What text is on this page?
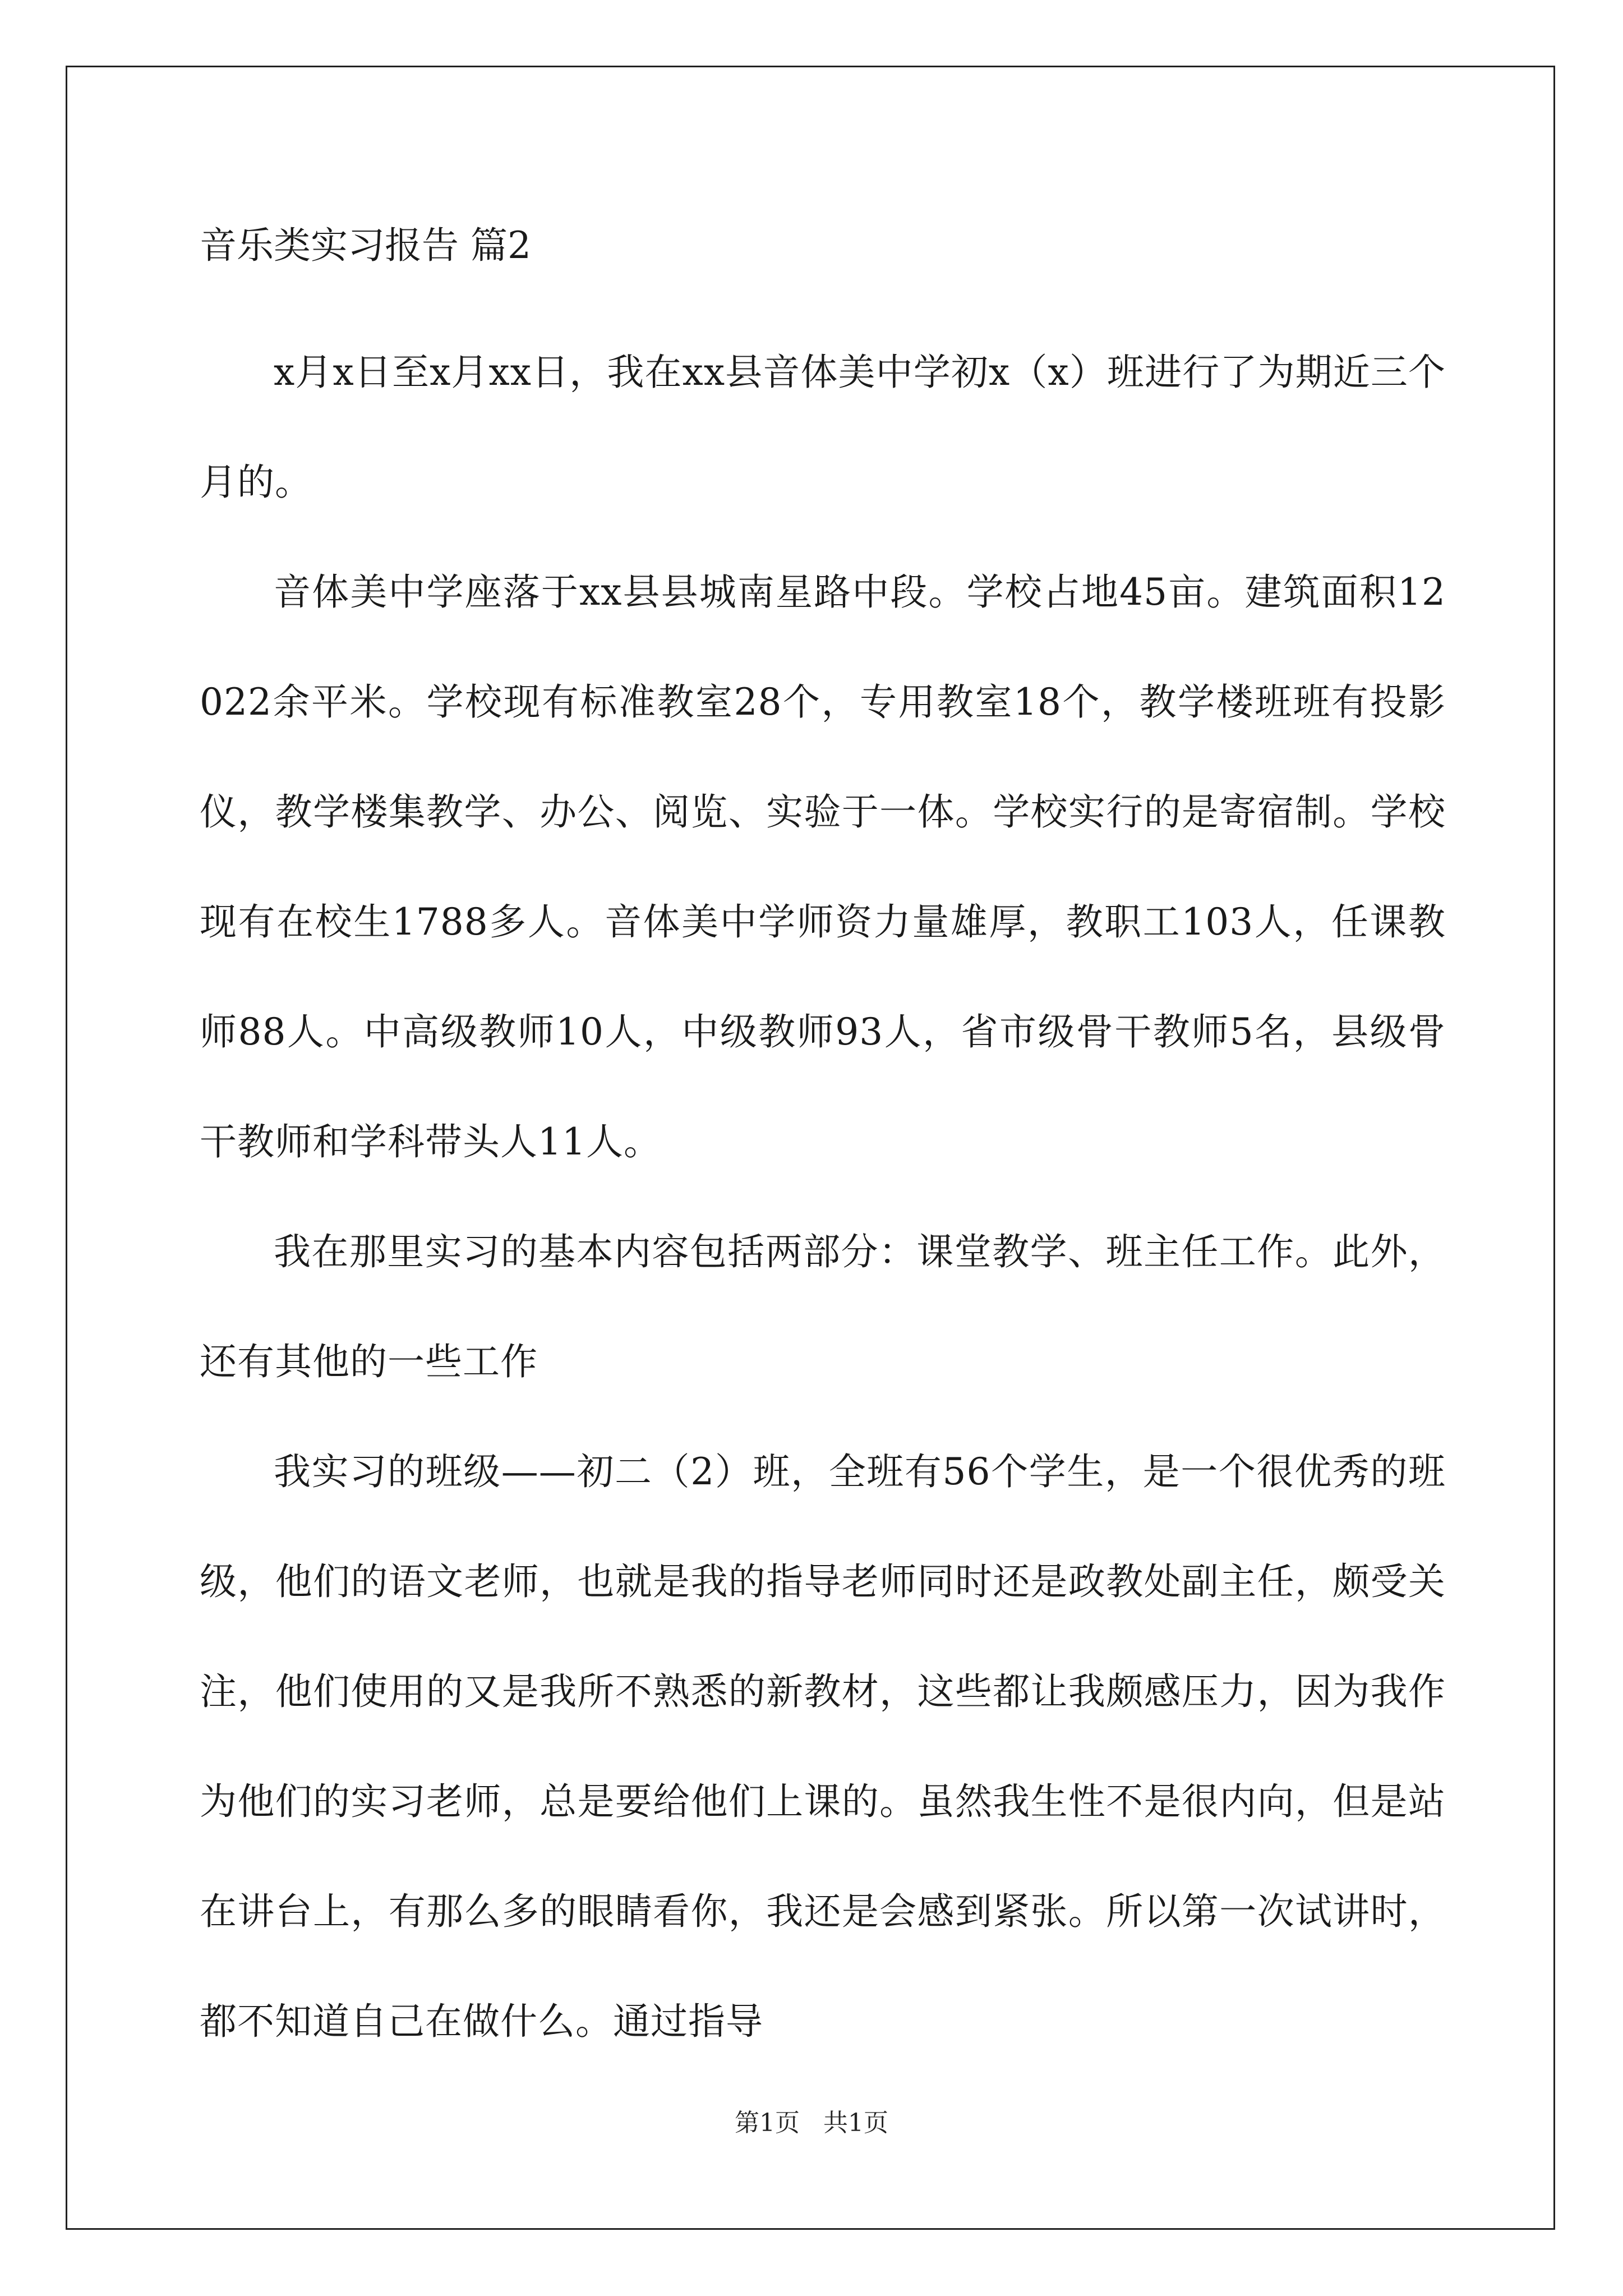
音乐类实习报告 篇2

x月x日至x月xx日，我在xx县音体美中学初x（x）班进行了为期近三个月的。

音体美中学座落于xx县县城南星路中段。学校占地45亩。建筑面积12022余平米。学校现有标准教室28个，专用教室18个，教学楼班班有投影仪，教学楼集教学、办公、阅览、实验于一体。学校实行的是寄宿制。学校现有在校生1788多人。音体美中学师资力量雄厚，教职工103人，任课教师88人。中高级教师10人，中级教师93人，省市级骨干教师5名，县级骨干教师和学科带头人11人。

我在那里实习的基本内容包括两部分：课堂教学、班主任工作。此外，还有其他的一些工作

我实习的班级——初二（2）班，全班有56个学生，是一个很优秀的班级，他们的语文老师，也就是我的指导老师同时还是政教处副主任，颇受关注，他们使用的又是我所不熟悉的新教材，这些都让我颇感压力，因为我作为他们的实习老师，总是要给他们上课的。虽然我生性不是很内向，但是站在讲台上，有那么多的眼睛看你，我还是会感到紧张。所以第一次试讲时，都不知道自己在做什么。通过指导

第1页   共1页
